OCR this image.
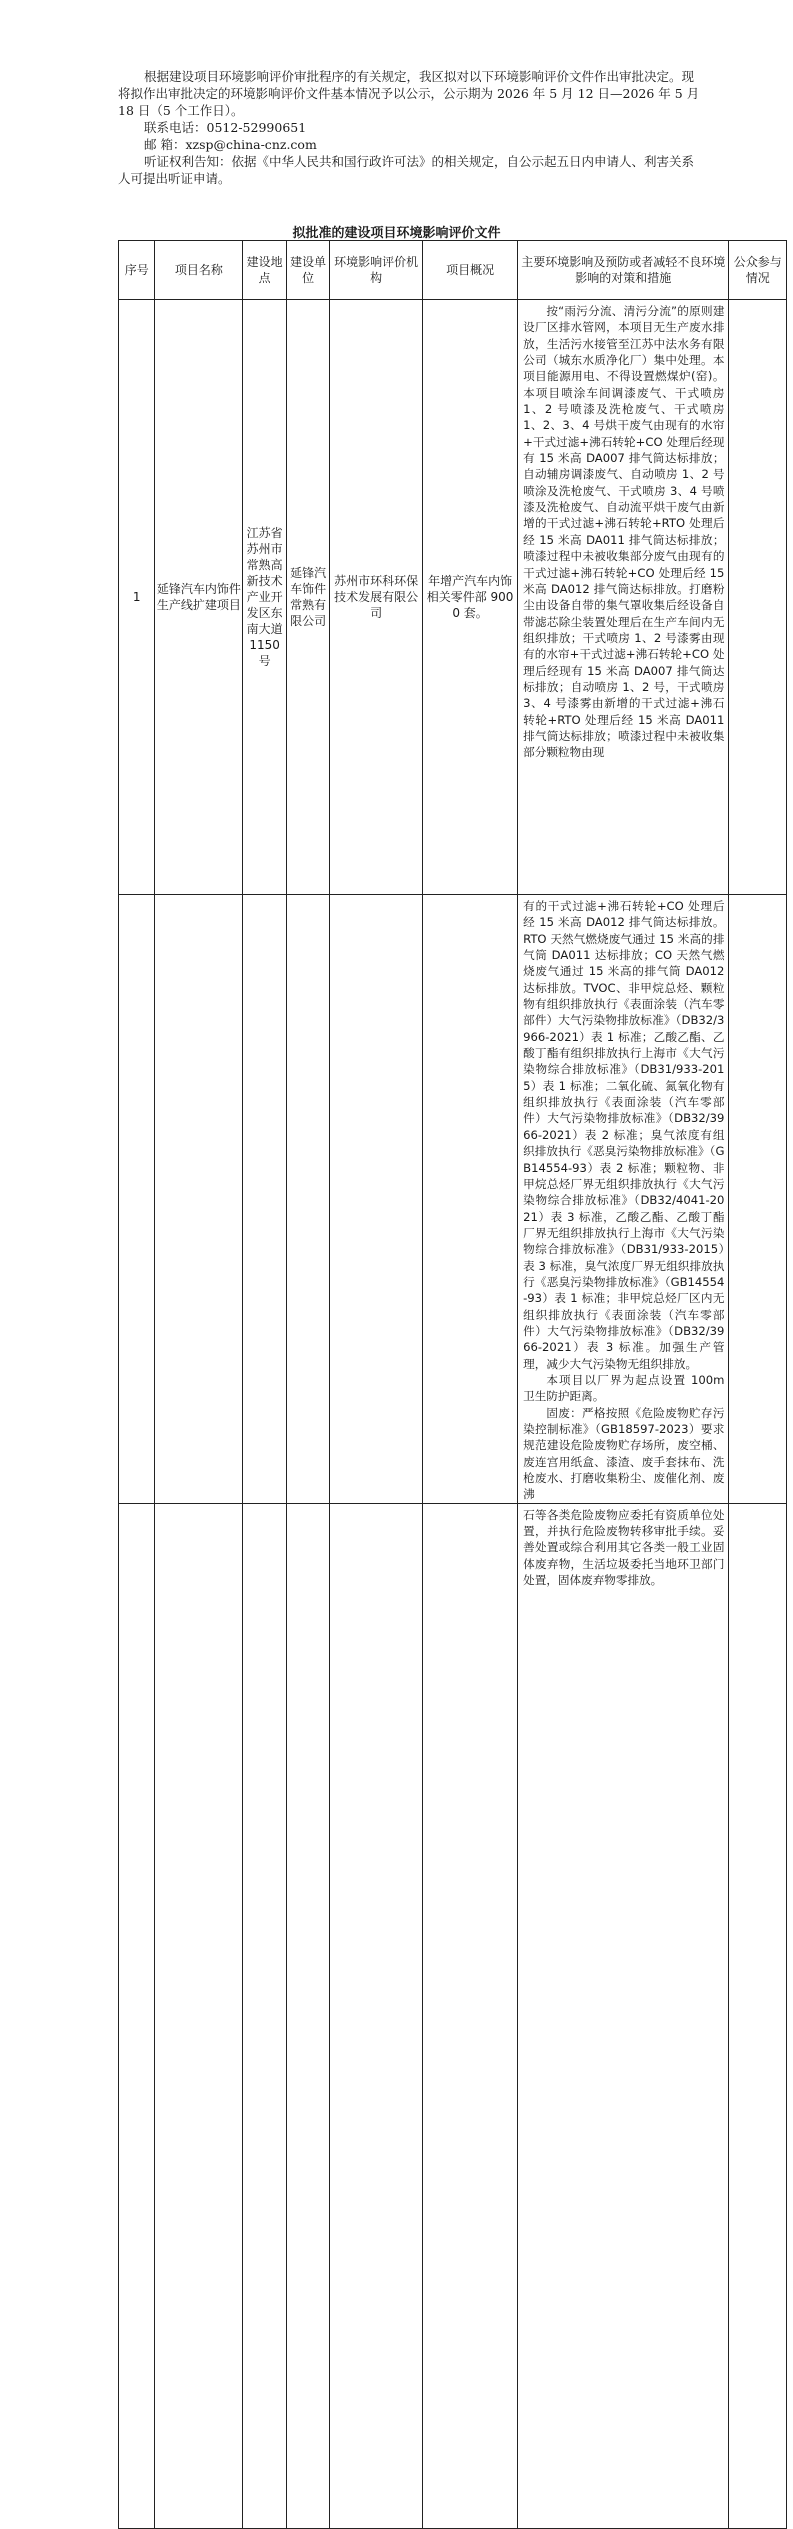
根据建设项目环境影响评价审批程序的有关规定，我区拟对以下环境影响评价文件作出审批决定。现将拟作出审批决定的环境影响评价文件基本情况予以公示，公示期为 2026 年 5 月 12 日—2026 年 5 月 18 日（5 个工作日）。

联系电话：0512-52990651

邮 箱：xzsp@china-cnz.com

听证权利告知：依据《中华人民共和国行政许可法》的相关规定，自公示起五日内申请人、利害关系人可提出听证申请。

拟批准的建设项目环境影响评价文件
序号	项目名称	建设地点	建设单位	环境影响评价机构	项目概况	主要环境影响及预防或者减轻不良环境影响的对策和措施	公众参与情况
1	延锋汽车内饰件生产线扩建项目	江苏省苏州市常熟高新技术产业开发区东南大道1150号	延锋汽车饰件常熟有限公司	苏州市环科环保技术发展有限公司	年增产汽车内饰相关零件部 9000 套。	按“雨污分流、清污分流”的原则建设厂区排水管网，本项目无生产废水排放，生活污水接管至江苏中法水务有限公司（城东水质净化厂）集中处理。本项目能源用电、不得设置燃煤炉(窑)。本项目喷涂车间调漆废气、干式喷房 1、2 号喷漆及洗枪废气、干式喷房 1、2、3、4 号烘干废气由现有的水帘+干式过滤+沸石转轮+CO 处理后经现有 15 米高 DA007 排气筒达标排放；自动辅房调漆废气、自动喷房 1、2 号喷涂及洗枪废气、干式喷房 3、4 号喷漆及洗枪废气、自动流平烘干废气由新增的干式过滤+沸石转轮+RTO 处理后经 15 米高 DA011 排气筒达标排放；喷漆过程中未被收集部分废气由现有的干式过滤+沸石转轮+CO 处理后经 15 米高 DA012 排气筒达标排放。打磨粉尘由设备自带的集气罩收集后经设备自带滤芯除尘装置处理后在生产车间内无组织排放；干式喷房 1、2 号漆雾由现有的水帘+干式过滤+沸石转轮+CO 处理后经现有 15 米高 DA007 排气筒达标排放；自动喷房 1、2 号，干式喷房 3、4 号漆雾由新增的干式过滤+沸石转轮+RTO 处理后经 15 米高 DA011 排气筒达标排放；喷漆过程中未被收集部分颗粒物由现	

						有的干式过滤+沸石转轮+CO 处理后经 15 米高 DA012 排气筒达标排放。RTO 天然气燃烧废气通过 15 米高的排气筒 DA011 达标排放；CO 天然气燃烧废气通过 15 米高的排气筒 DA012 达标排放。TVOC、非甲烷总烃、颗粒物有组织排放执行《表面涂装（汽车零部件）大气污染物排放标准》（DB32/3966-2021）表 1 标准；乙酸乙酯、乙酸丁酯有组织排放执行上海市《大气污染物综合排放标准》（DB31/933-2015）表 1 标准；二氧化硫、氮氧化物有组织排放执行《表面涂装（汽车零部件）大气污染物排放标准》（DB32/3966-2021）表 2 标准；臭气浓度有组织排放执行《恶臭污染物排放标准》（GB14554-93）表 2 标准；颗粒物、非甲烷总烃厂界无组织排放执行《大气污染物综合排放标准》（DB32/4041-2021）表 3 标准，乙酸乙酯、乙酸丁酯厂界无组织排放执行上海市《大气污染物综合排放标准》（DB31/933-2015）表 3 标准，臭气浓度厂界无组织排放执行《恶臭污染物排放标准》（GB14554-93）表 1 标准；非甲烷总烃厂区内无组织排放执行《表面涂装（汽车零部件）大气污染物排放标准》（DB32/3966-2021）表 3 标准。加强生产管理，减少大气污染物无组织排放。
本项目以厂界为起点设置 100m 卫生防护距离。
固废：严格按照《危险废物贮存污染控制标准》（GB18597-2023）要求规范建设危险废物贮存场所，废空桶、废连宫用纸盒、漆渣、废手套抹布、洗枪废水、打磨收集粉尘、废催化剂、废沸	

						石等各类危险废物应委托有资质单位处置，并执行危险废物转移审批手续。妥善处置或综合利用其它各类一般工业固体废弃物，生活垃圾委托当地环卫部门处置，固体废弃物零排放。	
